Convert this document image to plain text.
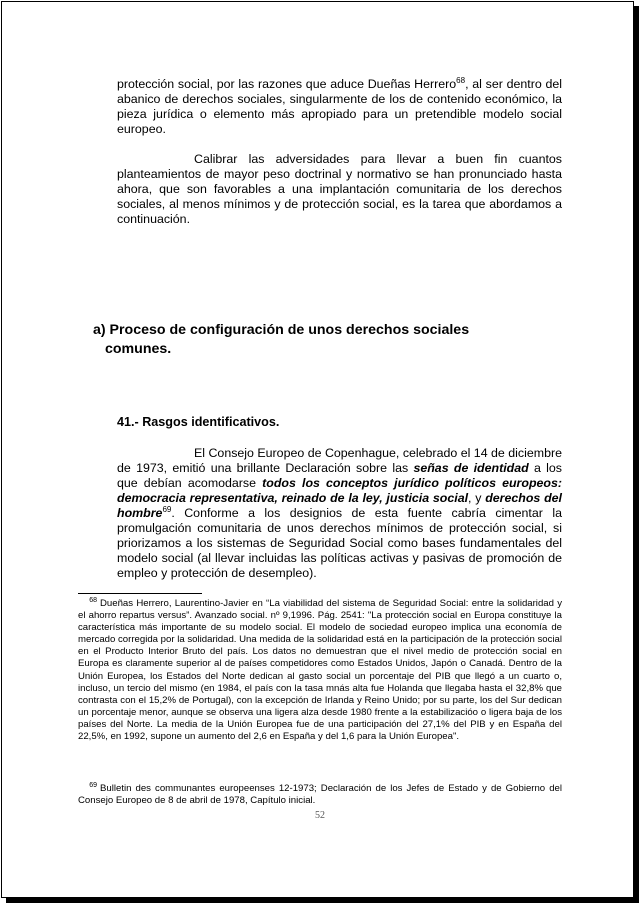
protección social, por las razones que aduce Dueñas Herrero$^{68}$, al ser dentro del abanico de derechos sociales, singularmente de los de contenido económico, la pieza jurídica o elemento más apropiado para un pretendible modelo social europeo.

Calibrar las adversidades para llevar a buen fin cuantos planteamientos de mayor peso doctrinal y normativo se han pronunciado hasta ahora, que son favorables a una implantación comunitaria de los derechos sociales, al menos mínimos y de protección social, es la tarea que abordamos a continuación.

a) Proceso de configuración de unos derechos sociales
comunes.
41.- Rasgos identificativos.

El Consejo Europeo de Copenhague, celebrado el 14 de diciembre de 1973, emitió una brillante Declaración sobre las señas de identidad a los que debían acomodarse todos los conceptos jurídico políticos europeos: democracia representativa, reinado de la ley, justicia social, y derechos del hombre$^{69}$. Conforme a los designios de esta fuente cabría cimentar la promulgación comunitaria de unos derechos mínimos de protección social, si priorizamos a los sistemas de Seguridad Social como bases fundamentales del modelo social (al llevar incluidas las políticas activas y pasivas de promoción de empleo y protección de desempleo).

$^{68}$ Dueñas Herrero, Laurentino-Javier en “La viabilidad del sistema de Seguridad Social: entre la solidaridad y el ahorro repartus versus”. Avanzado social. nº 9,1996. Pág. 2541: "La protección social en Europa constituye la característica más importante de su modelo social. El modelo de sociedad europeo implica una economía de mercado corregida por la solidaridad. Una medida de la solidaridad está en la participación de la protección social en el Producto Interior Bruto del país. Los datos no demuestran que el nivel medio de protección social en Europa es claramente superior al de países competidores como Estados Unidos, Japón o Canadá. Dentro de la Unión Europea, los Estados del Norte dedican al gasto social un porcentaje del PIB que llegó a un cuarto o, incluso, un tercio del mismo (en 1984, el país con la tasa mnás alta fue Holanda que llegaba hasta el 32,8% que contrasta con el 15,2% de Portugal), con la excepción de Irlanda y Reino Unido; por su parte, los del Sur dedican un porcentaje menor, aunque se observa una ligera alza desde 1980 frente a la estabilizacióo o ligera baja de los países del Norte. La media de la Unión Europea fue de una participación del 27,1% del PIB y en España del 22,5%, en 1992, supone un aumento del 2,6 en España y del 1,6 para la Unión Europea".

$^{69}$ Bulletin des communantes europeenses 12-1973; Declaración de los Jefes de Estado y de Gobierno del Consejo Europeo de 8 de abril de 1978, Capítulo inicial.

52
